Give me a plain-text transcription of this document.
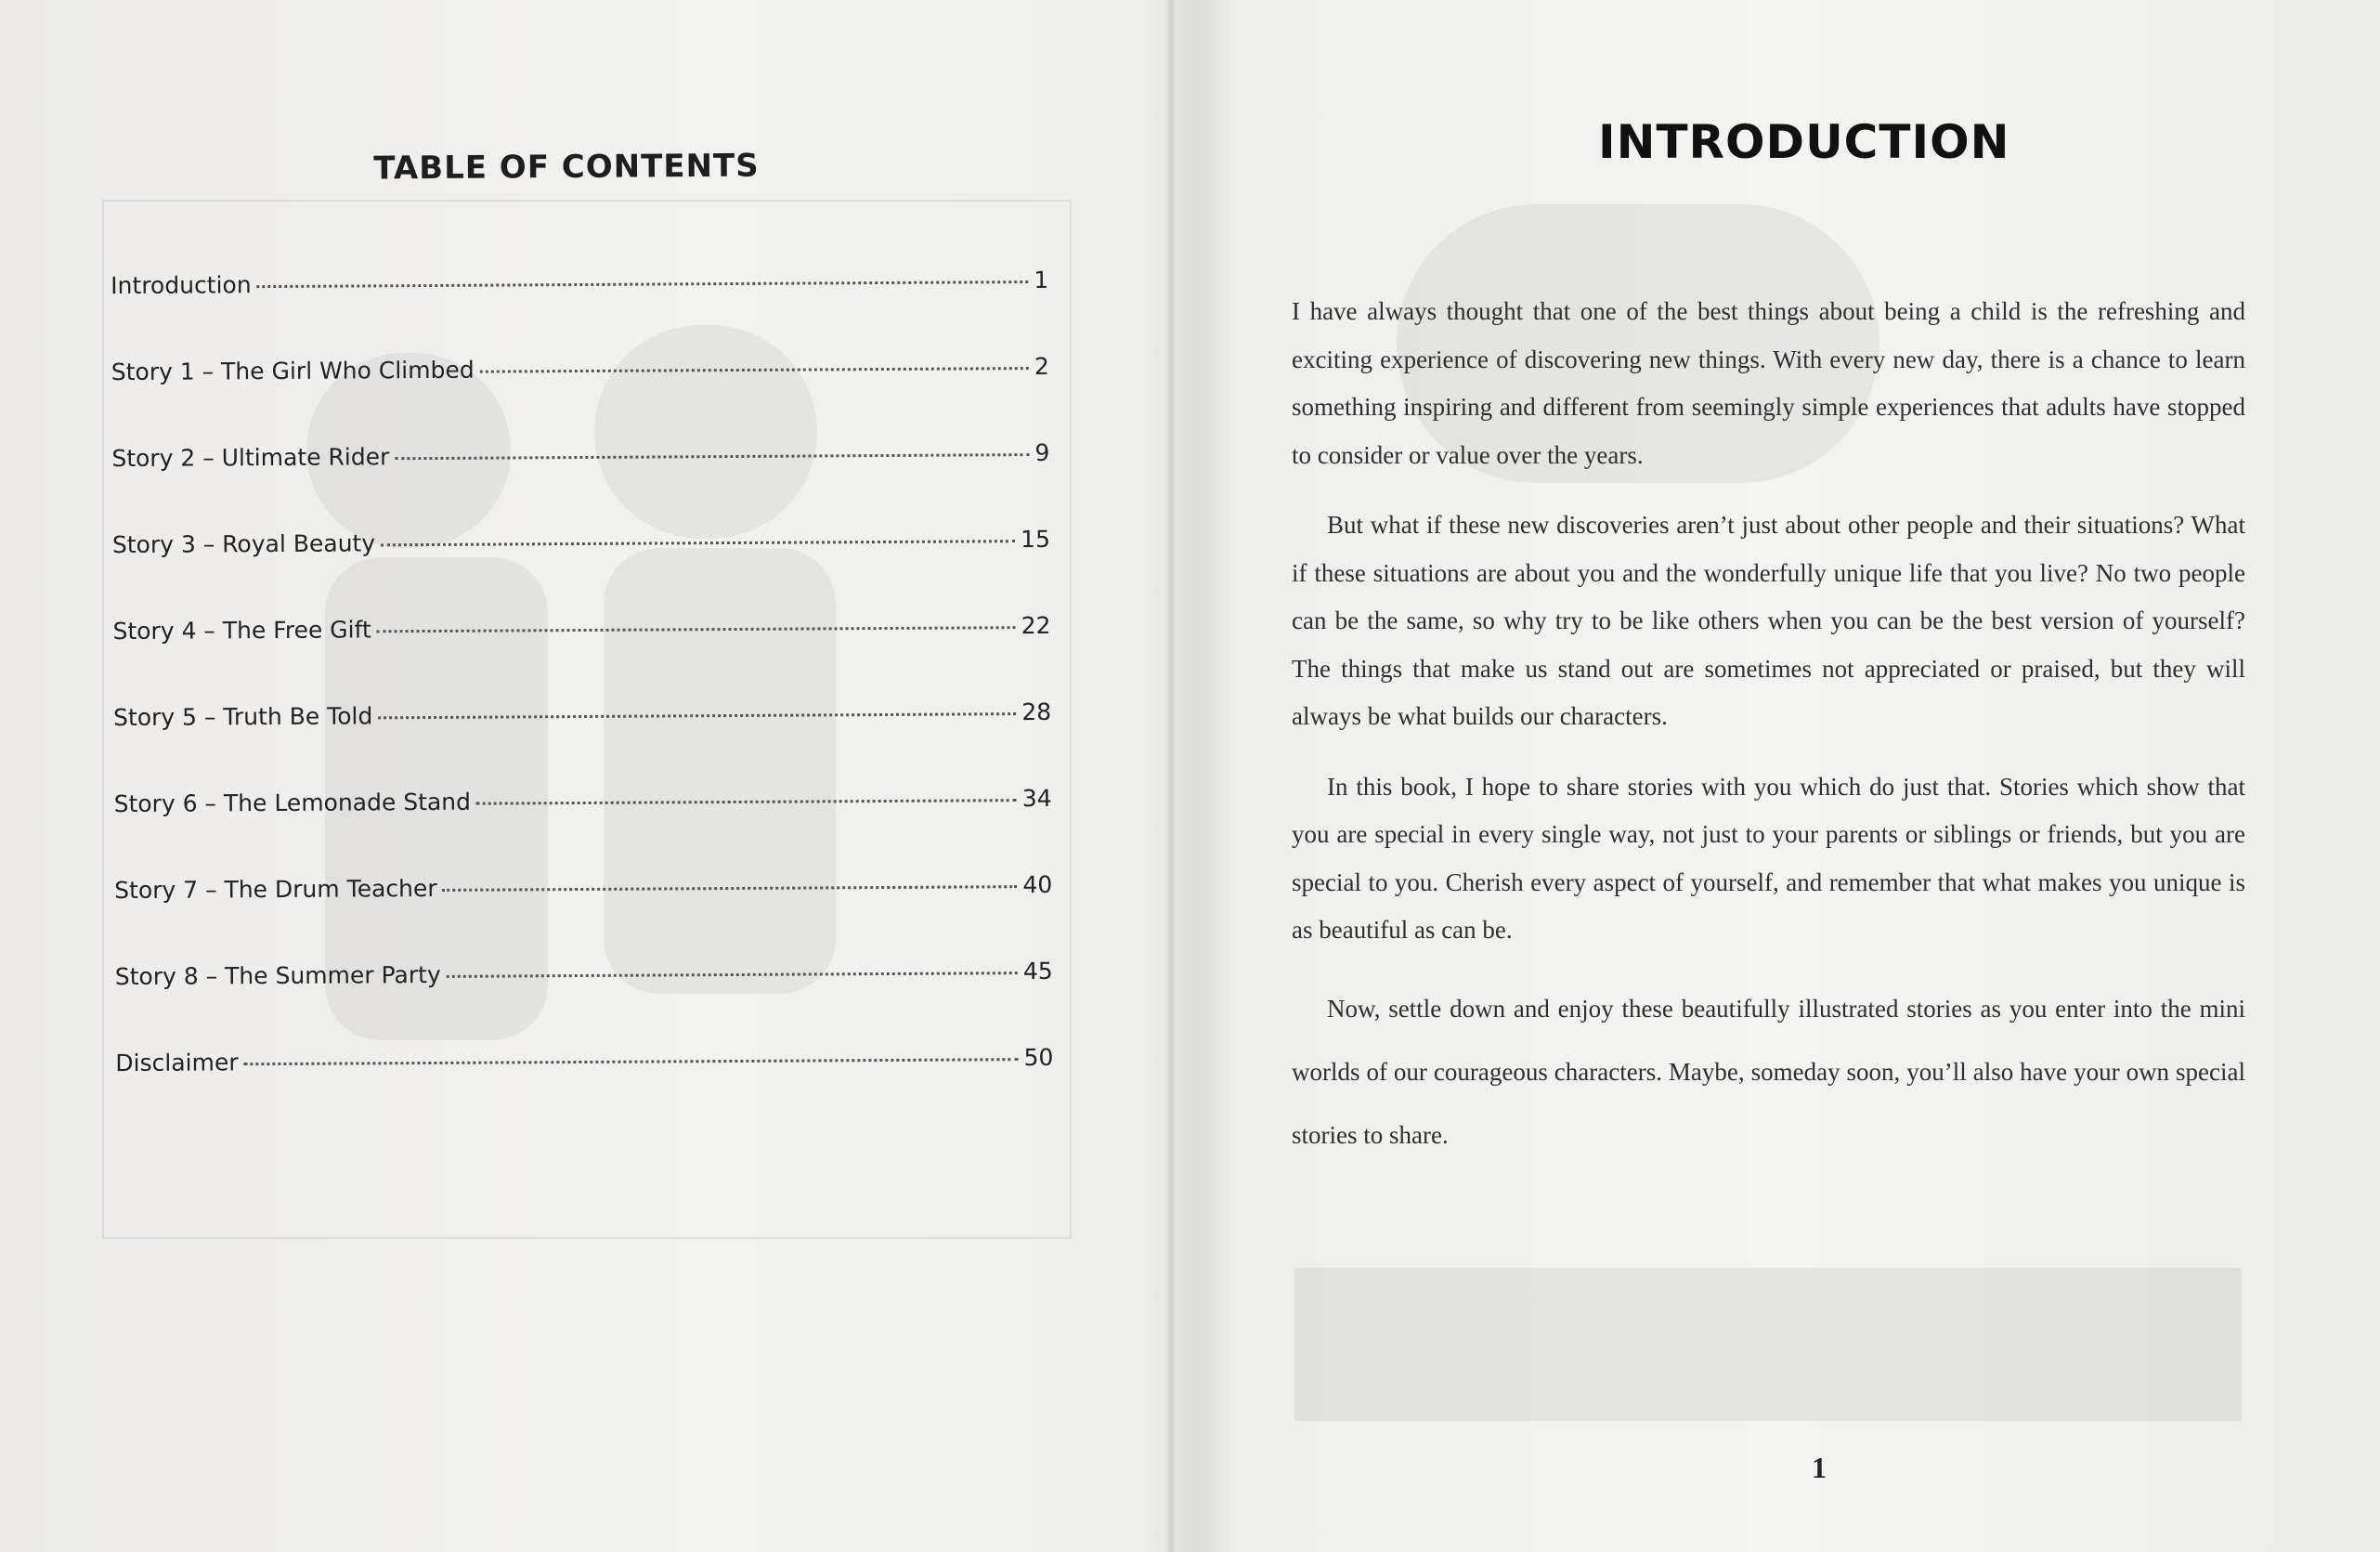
TABLE OF CONTENTS
Introduction	1
Story 1 – The Girl Who Climbed	2
Story 2 – Ultimate Rider	9
Story 3 – Royal Beauty	15
Story 4 – The Free Gift	22
Story 5 – Truth Be Told	28
Story 6 – The Lemonade Stand	34
Story 7 – The Drum Teacher	40
Story 8 – The Summer Party	45
Disclaimer	50
INTRODUCTION

I have always thought that one of the best things about being a child is the refreshing and exciting experience of discovering new things. With every new day, there is a chance to learn something inspiring and different from seemingly simple experiences that adults have stopped to consider or value over the years.

But what if these new discoveries aren’t just about other people and their situations? What if these situations are about you and the wonderfully unique life that you live? No two people can be the same, so why try to be like others when you can be the best version of yourself? The things that make us stand out are sometimes not appreciated or praised, but they will always be what builds our characters.

In this book, I hope to share stories with you which do just that. Stories which show that you are special in every single way, not just to your parents or siblings or friends, but you are special to you. Cherish every aspect of yourself, and remember that what makes you unique is as beautiful as can be.

Now, settle down and enjoy these beautifully illustrated stories as you enter into the mini worlds of our courageous characters. Maybe, someday soon, you’ll also have your own special stories to share.

1
